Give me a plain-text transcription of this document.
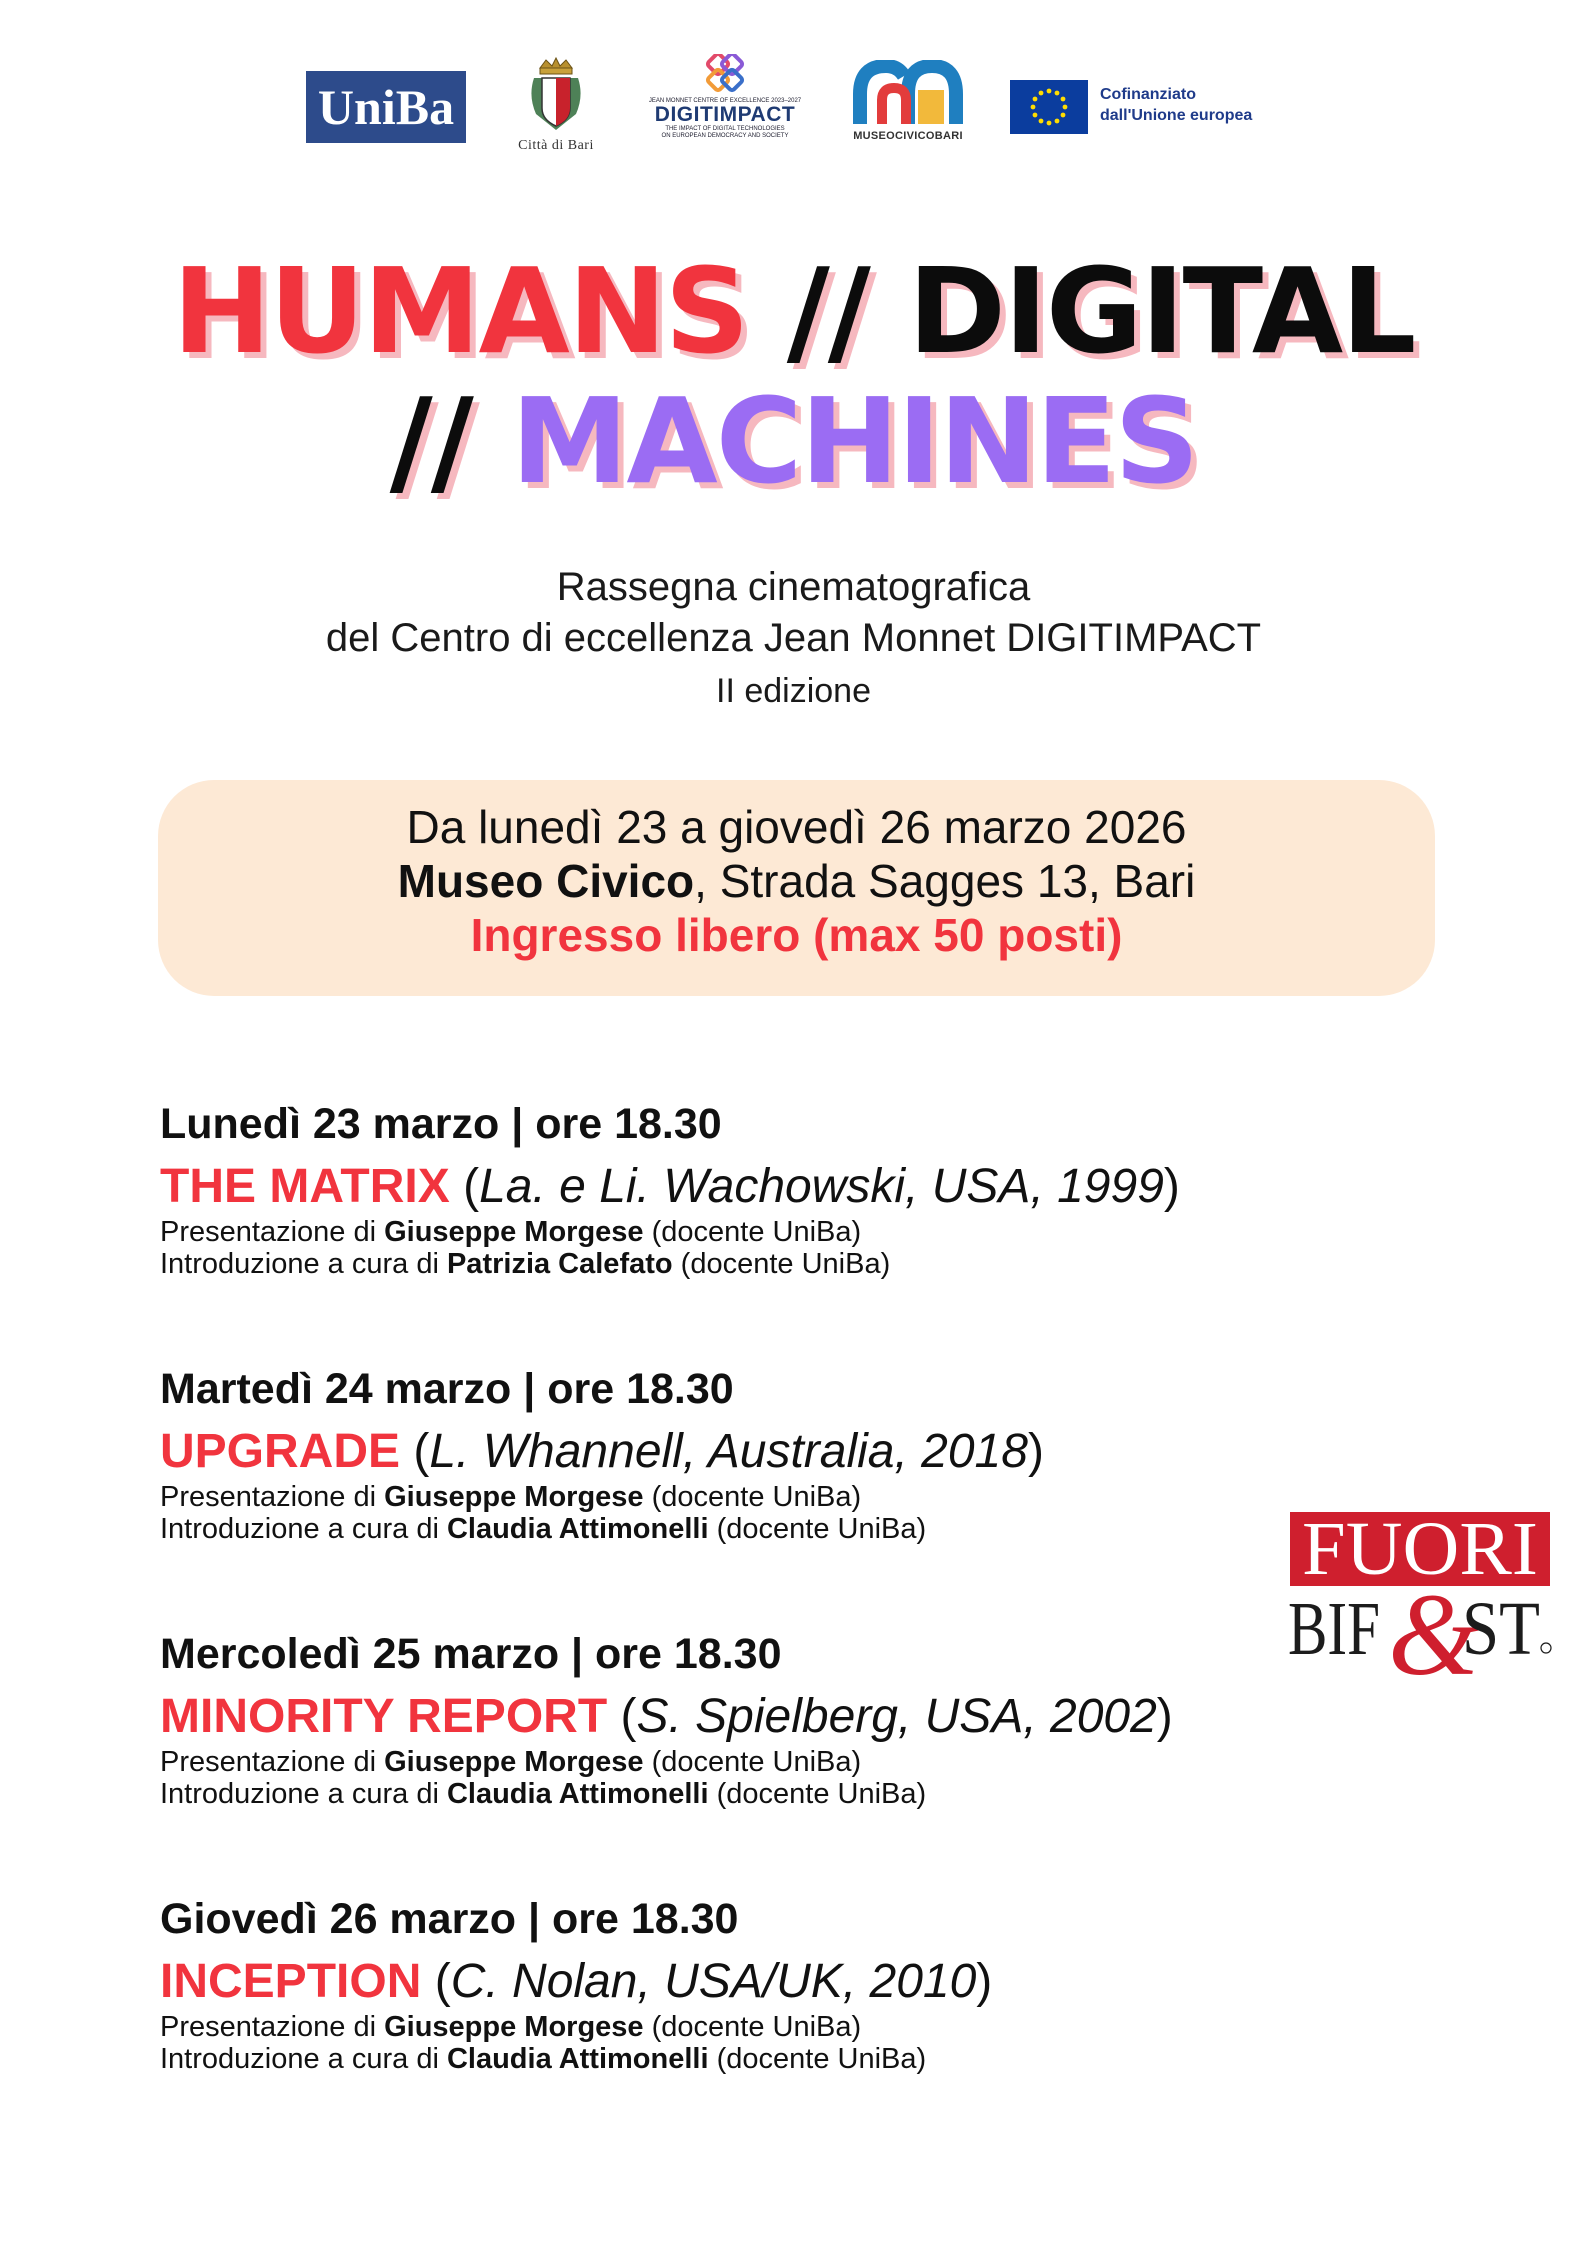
UniBa
Città di Bari
JEAN MONNET CENTRE OF EXCELLENCE 2023–2027
DIGITIMPACT
THE IMPACT OF DIGITAL TECHNOLOGIES
ON EUROPEAN DEMOCRACY AND SOCIETY	MUSEOCIVICOBARI
Cofinanziato
dall'Unione europea
HUMANS // DIGITAL
// MACHINES
Rassegna cinematografica
del Centro di eccellenza Jean Monnet DIGITIMPACT
II edizione
Da lunedì 23 a giovedì 26 marzo 2026
Museo Civico, Strada Sagges 13, Bari
Ingresso libero (max 50 posti)
Lunedì 23 marzo | ore 18.30
THE MATRIX (La. e Li. Wachowski, USA, 1999)
Presentazione di Giuseppe Morgese (docente UniBa)
Introduzione a cura di Patrizia Calefato (docente UniBa)
Martedì 24 marzo | ore 18.30
UPGRADE (L. Whannell, Australia, 2018)
Presentazione di Giuseppe Morgese (docente UniBa)
Introduzione a cura di Claudia Attimonelli (docente UniBa)
Mercoledì 25 marzo | ore 18.30
MINORITY REPORT (S. Spielberg, USA, 2002)
Presentazione di Giuseppe Morgese (docente UniBa)
Introduzione a cura di Claudia Attimonelli (docente UniBa)
Giovedì 26 marzo | ore 18.30
INCEPTION (C. Nolan, USA/UK, 2010)
Presentazione di Giuseppe Morgese (docente UniBa)
Introduzione a cura di Claudia Attimonelli (docente UniBa)
FUORI
BIF &
ST
